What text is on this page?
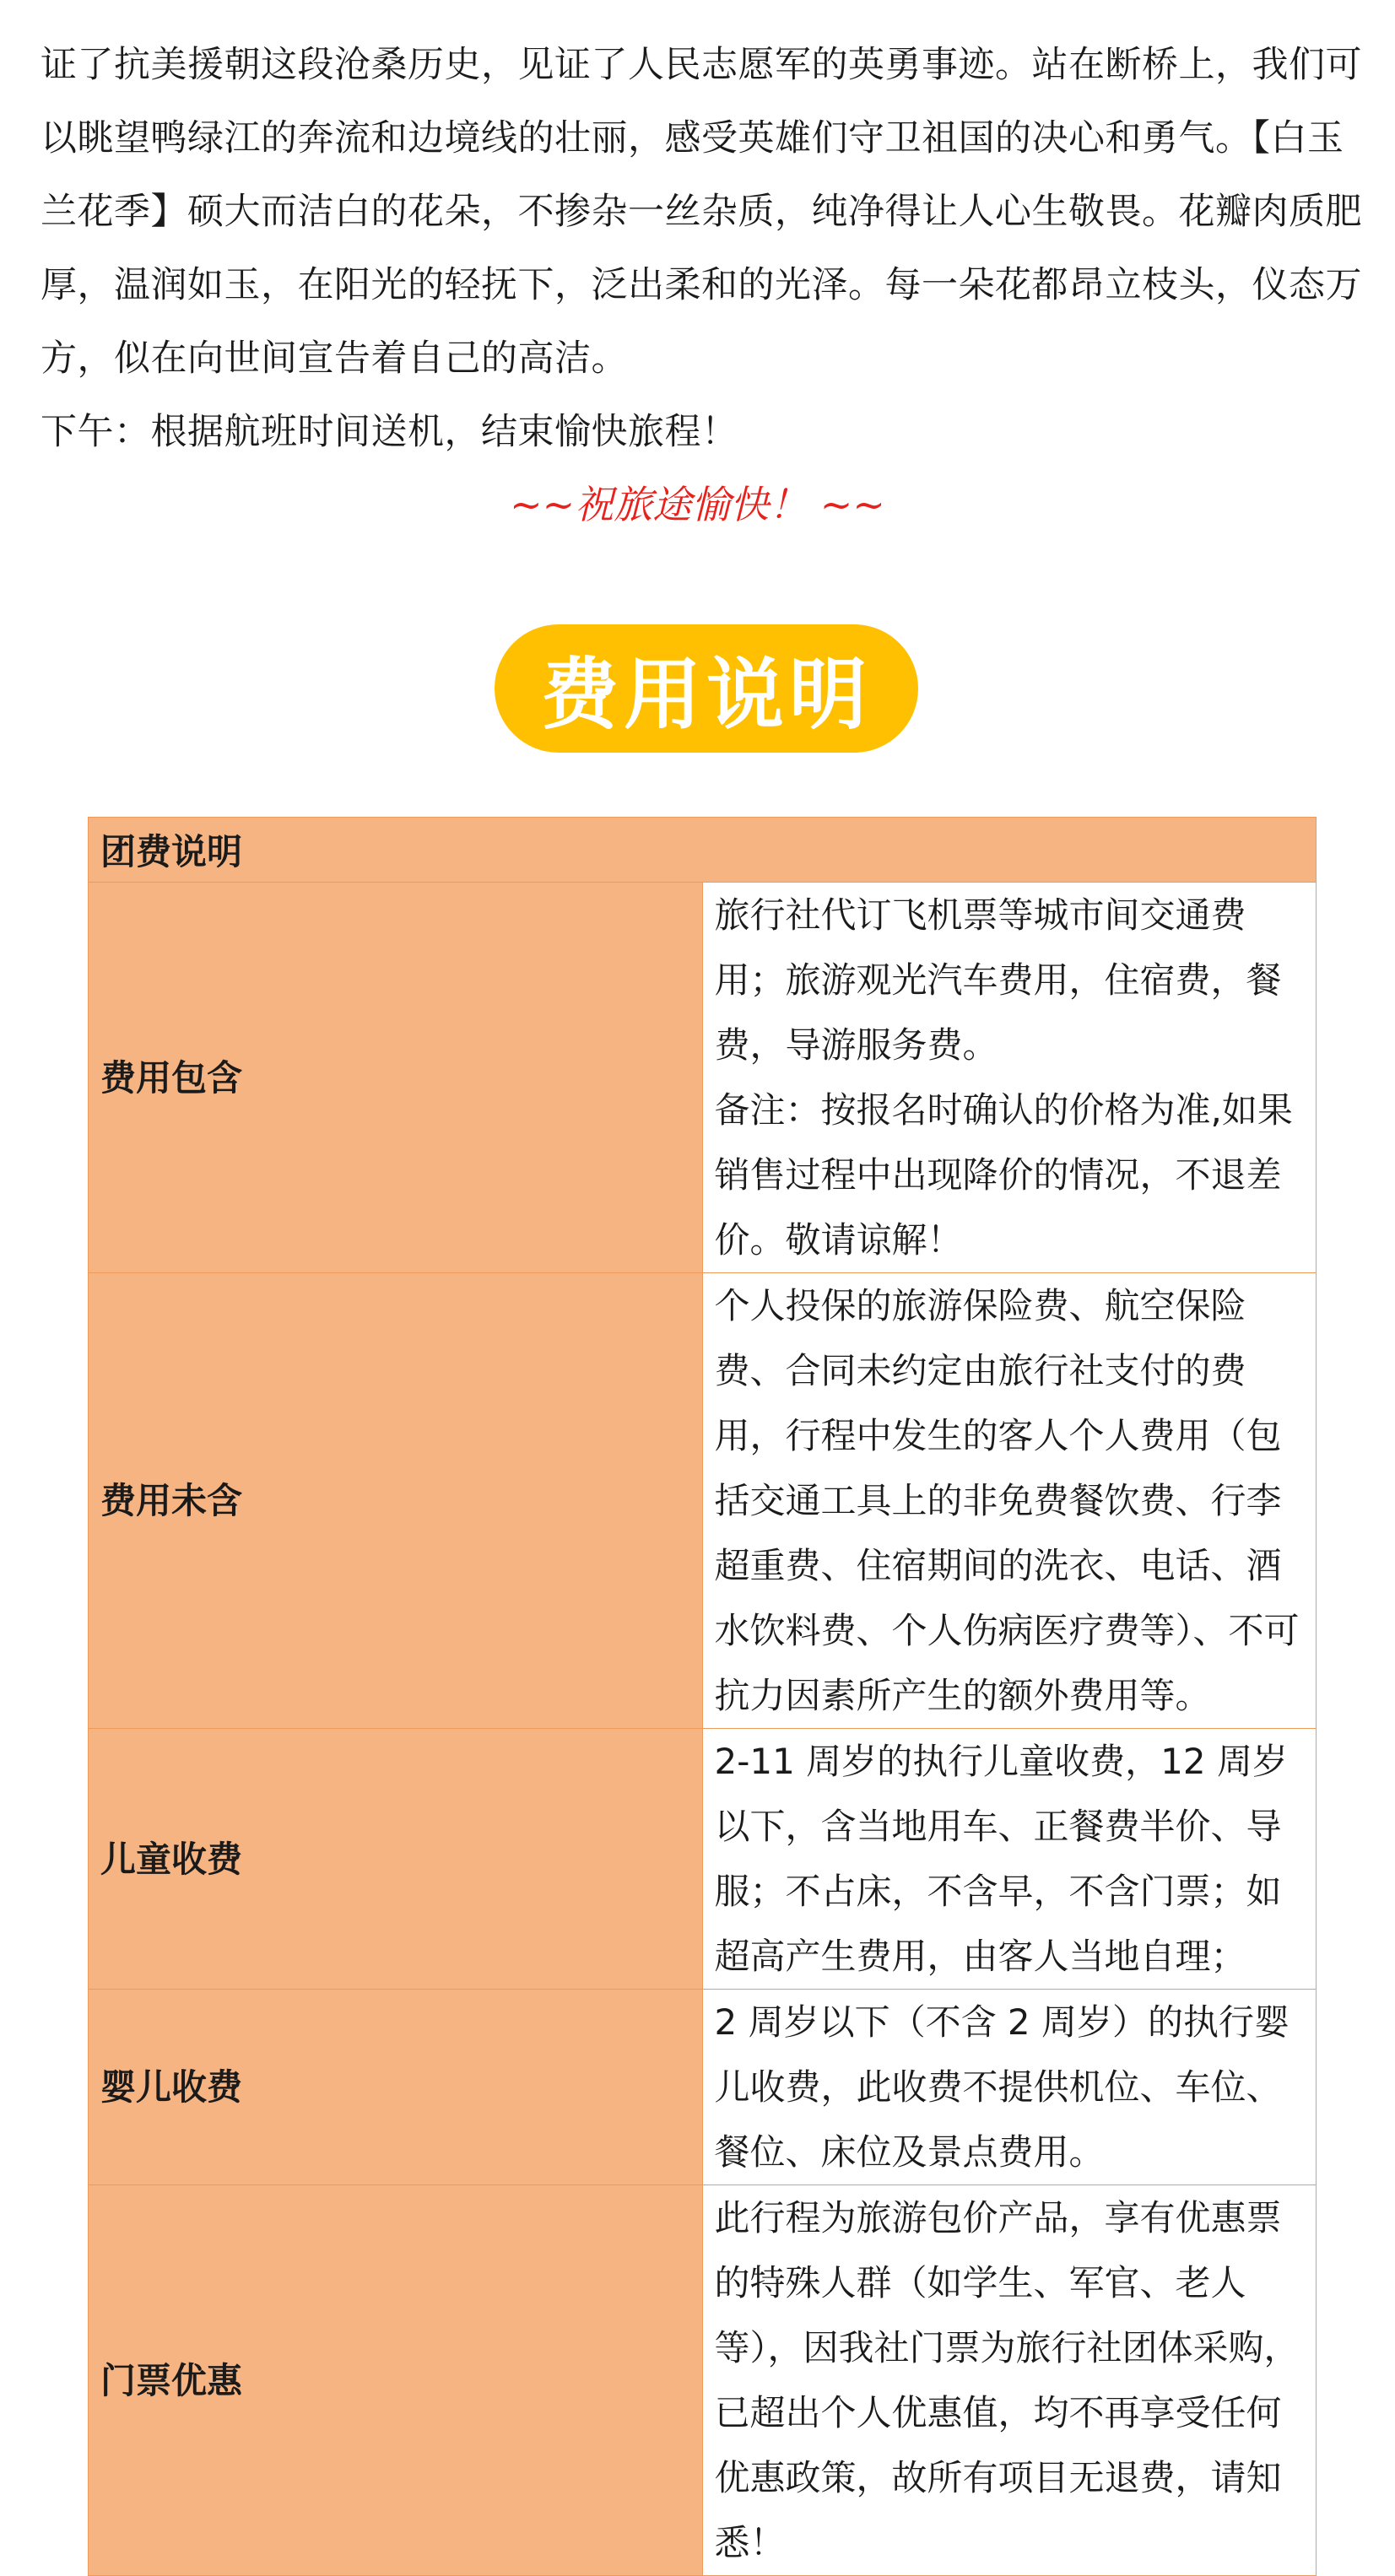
证了抗美援朝这段沧桑历史，见证了人民志愿军的英勇事迹。站在断桥上，我们可以眺望鸭绿江的奔流和边境线的壮丽，感受英雄们守卫祖国的决心和勇气。【白玉兰花季】硕大而洁白的花朵，不掺杂一丝杂质，纯净得让人心生敬畏。花瓣肉质肥厚，温润如玉，在阳光的轻抚下，泛出柔和的光泽。每一朵花都昂立枝头，仪态万方，似在向世间宣告着自己的高洁。

下午：根据航班时间送机，结束愉快旅程！

~~祝旅途愉快！ ~~
费用说明
团费说明	
费用包含	旅行社代订飞机票等城市间交通费用；旅游观光汽车费用，住宿费，餐费，导游服务费。
备注：按报名时确认的价格为准,如果销售过程中出现降价的情况，不退差价。敬请谅解！

费用未含	个人投保的旅游保险费、航空保险费、合同未约定由旅行社支付的费用，行程中发生的客人个人费用（包括交通工具上的非免费餐饮费、行李超重费、住宿期间的洗衣、电话、酒水饮料费、个人伤病医疗费等）、不可抗力因素所产生的额外费用等。

儿童收费	2-11 周岁的执行儿童收费，12 周岁以下，含当地用车、正餐费半价、导服；不占床，不含早，不含门票；如超高产生费用，由客人当地自理；

婴儿收费	2 周岁以下（不含 2 周岁）的执行婴儿收费，此收费不提供机位、车位、餐位、床位及景点费用。

门票优惠	此行程为旅游包价产品，享有优惠票的特殊人群（如学生、军官、老人等），因我社门票为旅行社团体采购，已超出个人优惠值，均不再享受任何优惠政策，故所有项目无退费，请知悉！
